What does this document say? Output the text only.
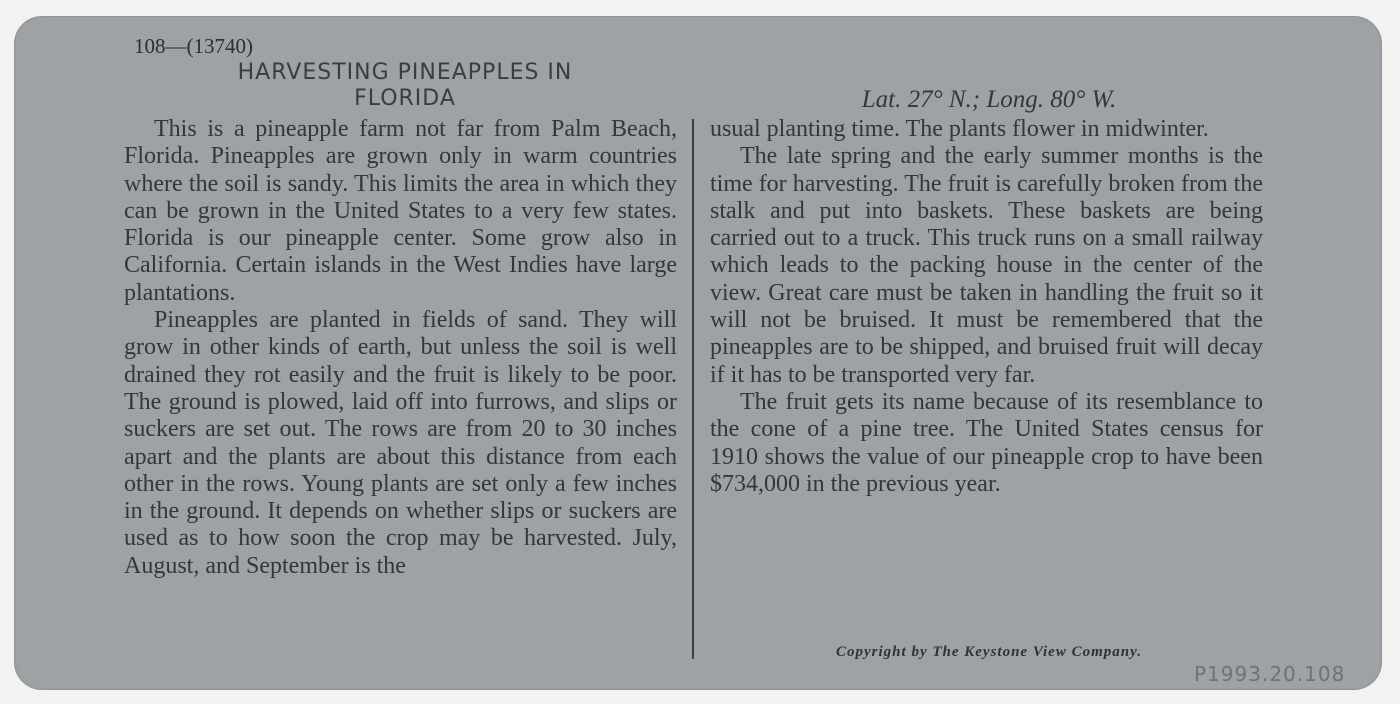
108—(13740)
HARVESTING PINEAPPLES IN
FLORIDA	Lat. 27° N.; Long. 80° W.

This is a pineapple farm not far from Palm Beach, Florida. Pineapples are grown only in warm countries where the soil is sandy. This limits the area in which they can be grown in the United States to a very few states. Florida is our pineapple center. Some grow also in California. Certain islands in the West Indies have large plantations.

Pineapples are planted in fields of sand. They will grow in other kinds of earth, but unless the soil is well drained they rot easily and the fruit is likely to be poor. The ground is plowed, laid off into furrows, and slips or suckers are set out. The rows are from 20 to 30 inches apart and the plants are about this distance from each other in the rows. Young plants are set only a few inches in the ground. It depends on whether slips or suckers are used as to how soon the crop may be harvested. July, August, and September is the

usual planting time. The plants flower in midwinter.

The late spring and the early summer months is the time for harvesting. The fruit is carefully broken from the stalk and put into baskets. These baskets are being carried out to a truck. This truck runs on a small railway which leads to the packing house in the center of the view. Great care must be taken in handling the fruit so it will not be bruised. It must be remembered that the pineapples are to be shipped, and bruised fruit will decay if it has to be transported very far.

The fruit gets its name because of its resemblance to the cone of a pine tree. The United States census for 1910 shows the value of our pineapple crop to have been $734,000 in the previous year.

Copyright by The Keystone View Company.
P1993.20.108
